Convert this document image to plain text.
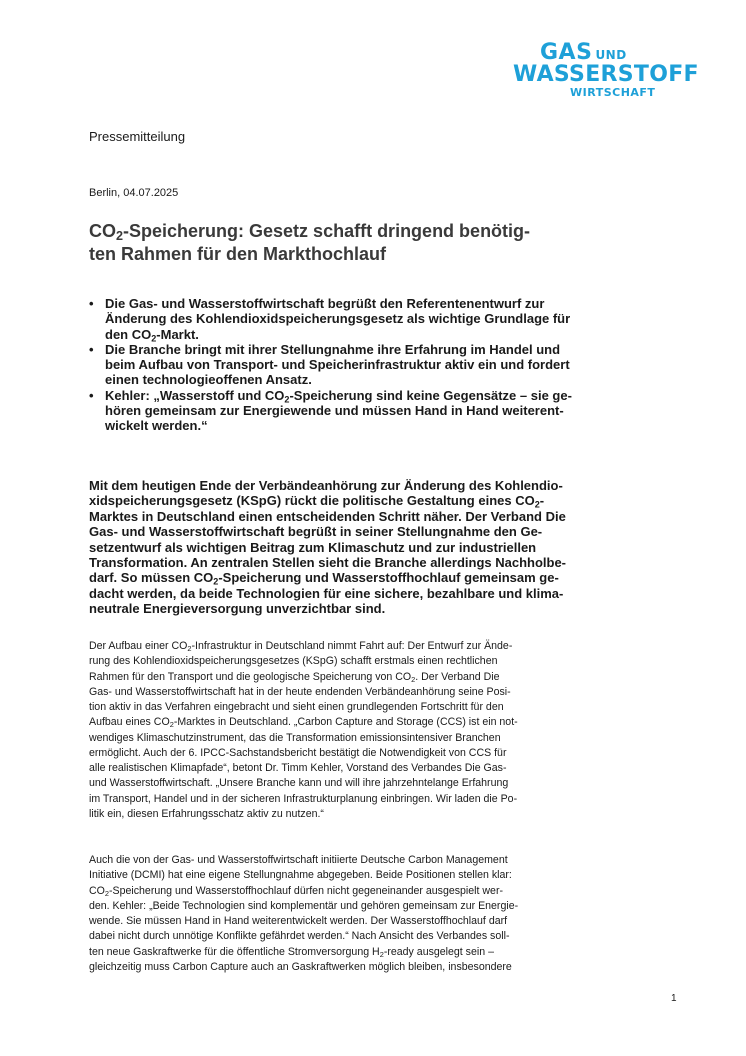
GAS UND
WASSERSTOFF
WIRTSCHAFT
Pressemitteilung
Berlin, 04.07.2025
$CO_2$-Speicherung: Gesetz schafft dringend benötig-
ten Rahmen für den Markthochlauf
• Die Gas- und Wasserstoffwirtschaft begrüßt den Referentenentwurf zur
Änderung des Kohlendioxidspeicherungsgesetz als wichtige Grundlage für
den $CO_2$-Markt.
• Die Branche bringt mit ihrer Stellungnahme ihre Erfahrung im Handel und
beim Aufbau von Transport- und Speicherinfrastruktur aktiv ein und fordert
einen technologieoffenen Ansatz.
• Kehler: „Wasserstoff und $CO_2$-Speicherung sind keine Gegensätze – sie ge-
hören gemeinsam zur Energiewende und müssen Hand in Hand weiterent-
wickelt werden.“

Mit dem heutigen Ende der Verbändeanhörung zur Änderung des Kohlendio-
xidspeicherungsgesetz (KSpG) rückt die politische Gestaltung eines $CO_2-$
Marktes in Deutschland einen entscheidenden Schritt näher. Der Verband Die
Gas- und Wasserstoffwirtschaft begrüßt in seiner Stellungnahme den Ge-
setzentwurf als wichtigen Beitrag zum Klimaschutz und zur industriellen
Transformation. An zentralen Stellen sieht die Branche allerdings Nachholbe-
darf. So müssen $CO_2$-Speicherung und Wasserstoffhochlauf gemeinsam ge-
dacht werden, da beide Technologien für eine sichere, bezahlbare und klima-
neutrale Energieversorgung unverzichtbar sind.

Der Aufbau einer $CO_2$-Infrastruktur in Deutschland nimmt Fahrt auf: Der Entwurf zur Ände-
rung des Kohlendioxidspeicherungsgesetzes (KSpG) schafft erstmals einen rechtlichen
Rahmen für den Transport und die geologische Speicherung von $CO_2$. Der Verband Die
Gas- und Wasserstoffwirtschaft hat in der heute endenden Verbändeanhörung seine Posi-
tion aktiv in das Verfahren eingebracht und sieht einen grundlegenden Fortschritt für den
Aufbau eines $CO_2$-Marktes in Deutschland. „Carbon Capture and Storage (CCS) ist ein not-
wendiges Klimaschutzinstrument, das die Transformation emissionsintensiver Branchen
ermöglicht. Auch der 6. IPCC-Sachstandsbericht bestätigt die Notwendigkeit von CCS für
alle realistischen Klimapfade“, betont Dr. Timm Kehler, Vorstand des Verbandes Die Gas-
und Wasserstoffwirtschaft. „Unsere Branche kann und will ihre jahrzehntelange Erfahrung
im Transport, Handel und in der sicheren Infrastrukturplanung einbringen. Wir laden die Po-
litik ein, diesen Erfahrungsschatz aktiv zu nutzen.“

Auch die von der Gas- und Wasserstoffwirtschaft initiierte Deutsche Carbon Management
Initiative (DCMI) hat eine eigene Stellungnahme abgegeben. Beide Positionen stellen klar:
$CO_2$-Speicherung und Wasserstoffhochlauf dürfen nicht gegeneinander ausgespielt wer-
den. Kehler: „Beide Technologien sind komplementär und gehören gemeinsam zur Energie-
wende. Sie müssen Hand in Hand weiterentwickelt werden. Der Wasserstoffhochlauf darf
dabei nicht durch unnötige Konflikte gefährdet werden.“ Nach Ansicht des Verbandes soll-
ten neue Gaskraftwerke für die öffentliche Stromversorgung $H_2$-ready ausgelegt sein –
gleichzeitig muss Carbon Capture auch an Gaskraftwerken möglich bleiben, insbesondere

1
